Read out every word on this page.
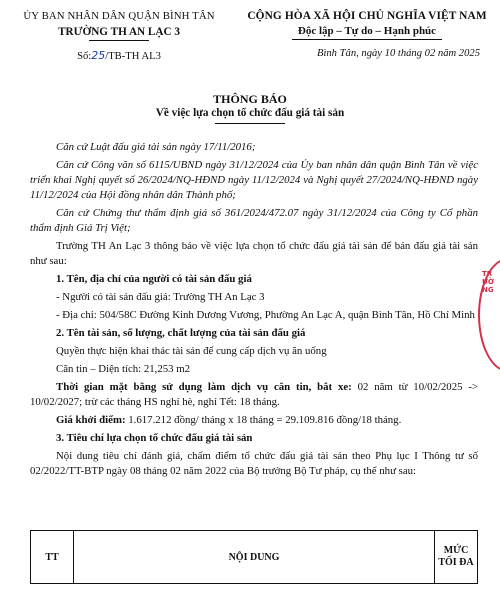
ỦY BAN NHÂN DÂN QUẬN BÌNH TÂN
TRƯỜNG TH AN LẠC 3
Số:25/TB-TH AL3
CỘNG HÒA XÃ HỘI CHỦ NGHĨA VIỆT NAM
Độc lập – Tự do – Hạnh phúc
Bình Tân, ngày 10 tháng 02 năm 2025
THÔNG BÁO
Về việc lựa chọn tổ chức đấu giá tài sản

Căn cứ Luật đấu giá tài sản ngày 17/11/2016;

Căn cứ Công văn số 6115/UBND ngày 31/12/2024 của Ủy ban nhân dân quận Bình Tân về việc triển khai Nghị quyết số 26/2024/NQ-HĐND ngày 11/12/2024 và Nghị quyết 27/2024/NQ-HĐND ngày 11/12/2024 của Hội đồng nhân dân Thành phố;

Căn cứ Chứng thư thẩm định giá số 361/2024/472.07 ngày 31/12/2024 của Công ty Cổ phần thẩm định Giá Trị Việt;

Trường TH An Lạc 3 thông báo về việc lựa chọn tổ chức đấu giá tài sản để bán đấu giá tài sản như sau:

1. Tên, địa chỉ của người có tài sản đấu giá

- Người có tài sản đấu giá: Trường TH An Lạc 3

- Địa chỉ: 504/58C Đường Kinh Dương Vương, Phường An Lạc A, quận Bình Tân, Hồ Chí Minh

2. Tên tài sản, số lượng, chất lượng của tài sản đấu giá

Quyền thực hiện khai thác tài sản để cung cấp dịch vụ ăn uống

Căn tin – Diện tích: 21,253 m2

Thời gian mặt bằng sử dụng làm dịch vụ căn tin, bắt xe: 02 năm từ 10/02/2025 -> 10/02/2027; trừ các tháng HS nghỉ hè, nghỉ Tết: 18 tháng.

Giá khởi điểm: 1.617.212 đồng/ tháng x 18 tháng = 29.109.816 đồng/18 tháng.

3. Tiêu chí lựa chọn tổ chức đấu giá tài sản

Nội dung tiêu chí đánh giá, chấm điểm tổ chức đấu giá tài sản theo Phụ lục I Thông tư số 02/2022/TT-BTP ngày 08 tháng 02 năm 2022 của Bộ trưởng Bộ Tư pháp, cụ thể như sau:

TT	NỘI DUNG	MỨC TỐI ĐA
TRƯỜNG
